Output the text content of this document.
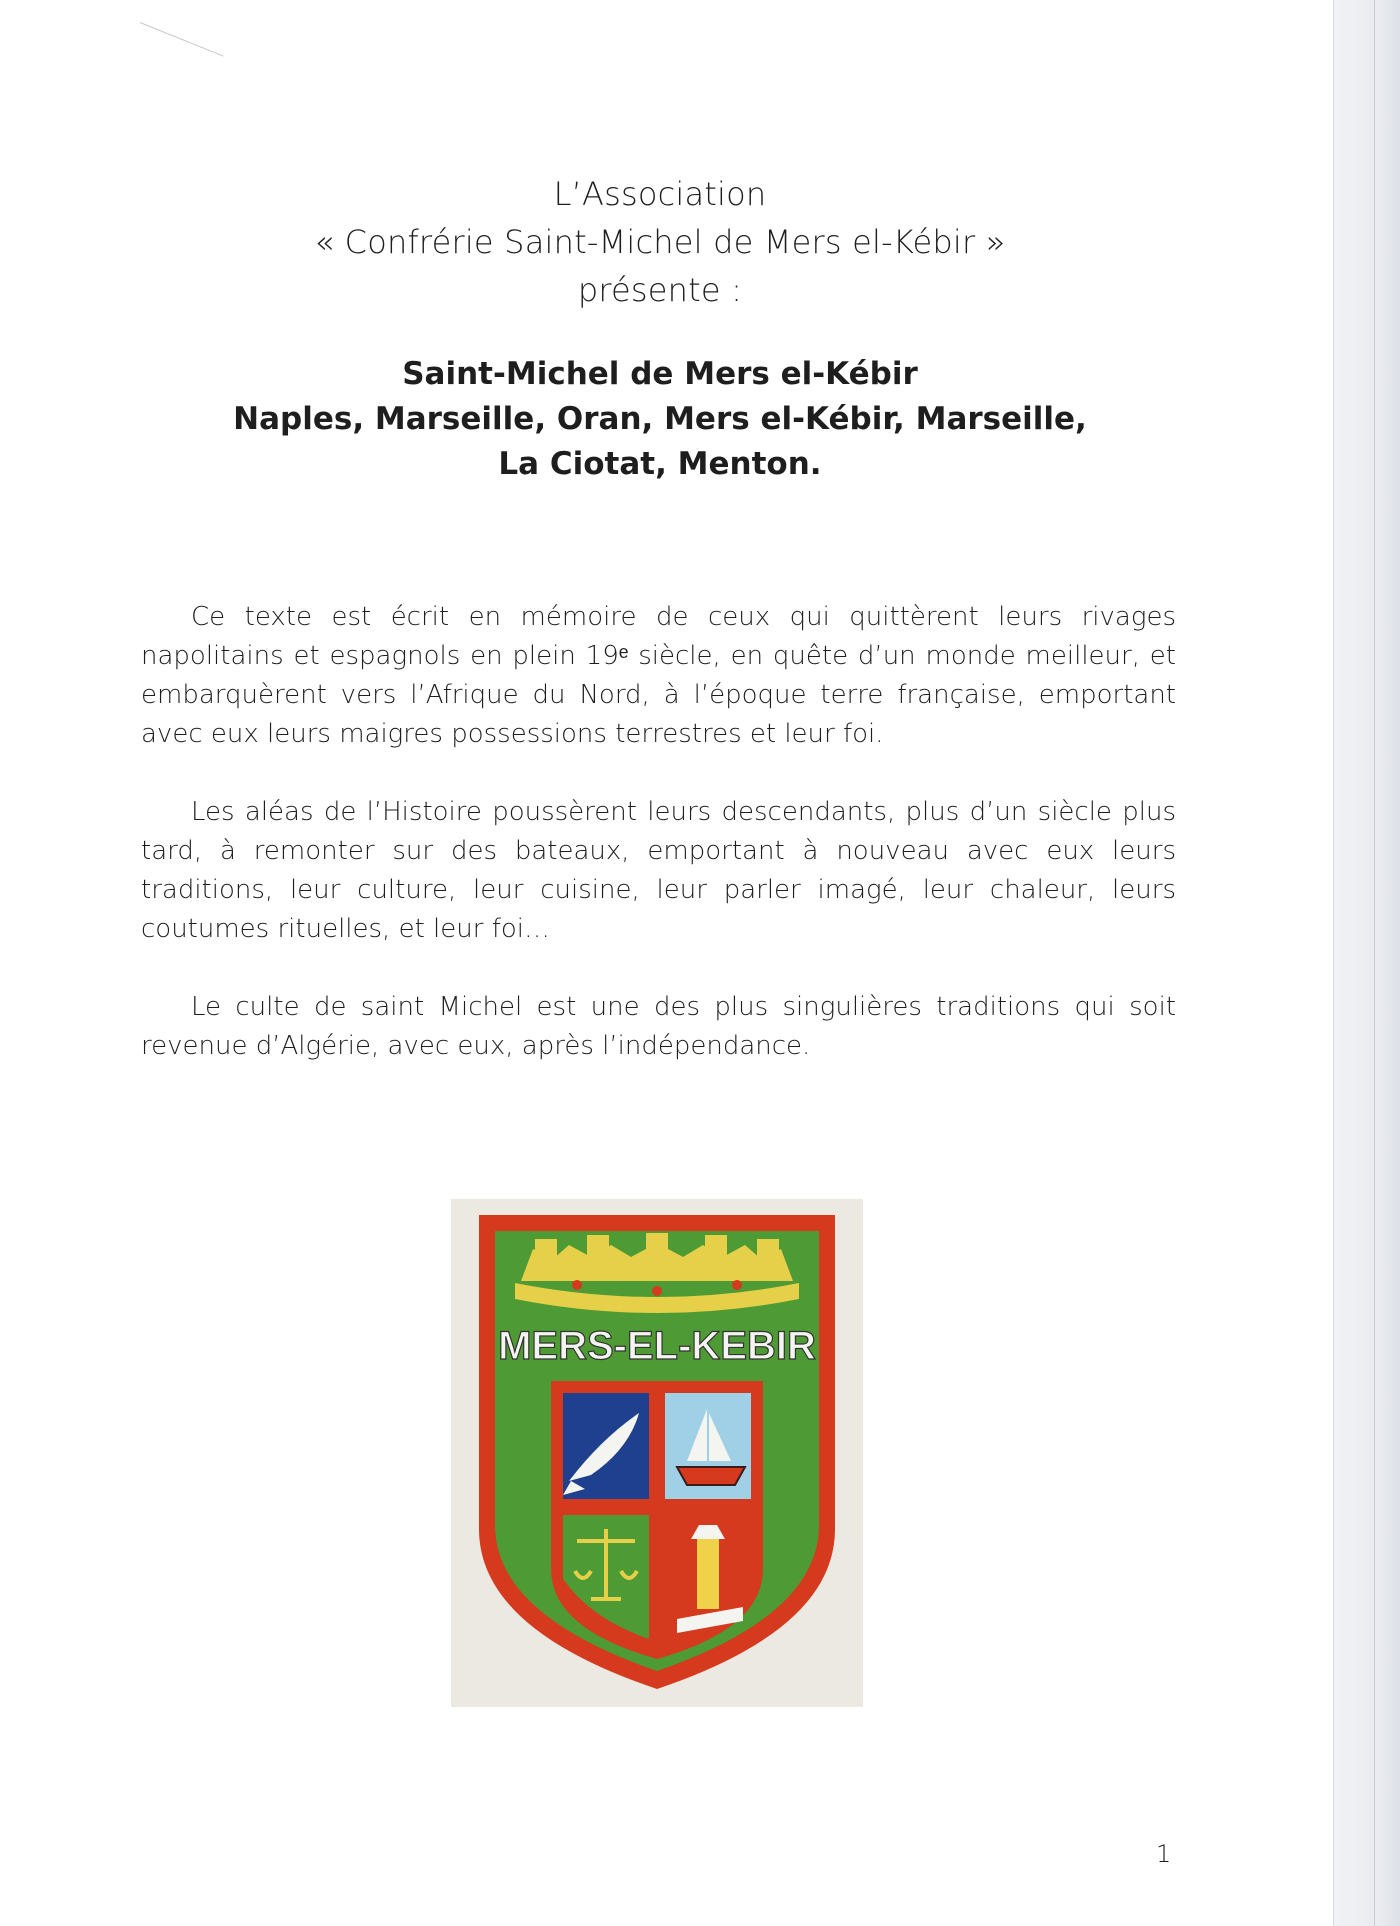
L’Association
« Confrérie Saint-Michel de Mers el-Kébir »
présente :
Saint-Michel de Mers el-Kébir
Naples, Marseille, Oran, Mers el-Kébir, Marseille,
La Ciotat, Menton.

Ce texte est écrit en mémoire de ceux qui quittèrent leurs rivages napolitains et espagnols en plein 19ᵉ siècle, en quête d’un monde meilleur, et embarquèrent vers l’Afrique du Nord, à l’époque terre française, emportant avec eux leurs maigres possessions terrestres et leur foi.

Les aléas de l’Histoire poussèrent leurs descendants, plus d’un siècle plus tard, à remonter sur des bateaux, emportant à nouveau avec eux leurs traditions, leur culture, leur cuisine, leur parler imagé, leur chaleur, leurs coutumes rituelles, et leur foi…

Le culte de saint Michel est une des plus singulières traditions qui soit revenue d’Algérie, avec eux, après l’indépendance.

MERS-EL-KEBIR
1
